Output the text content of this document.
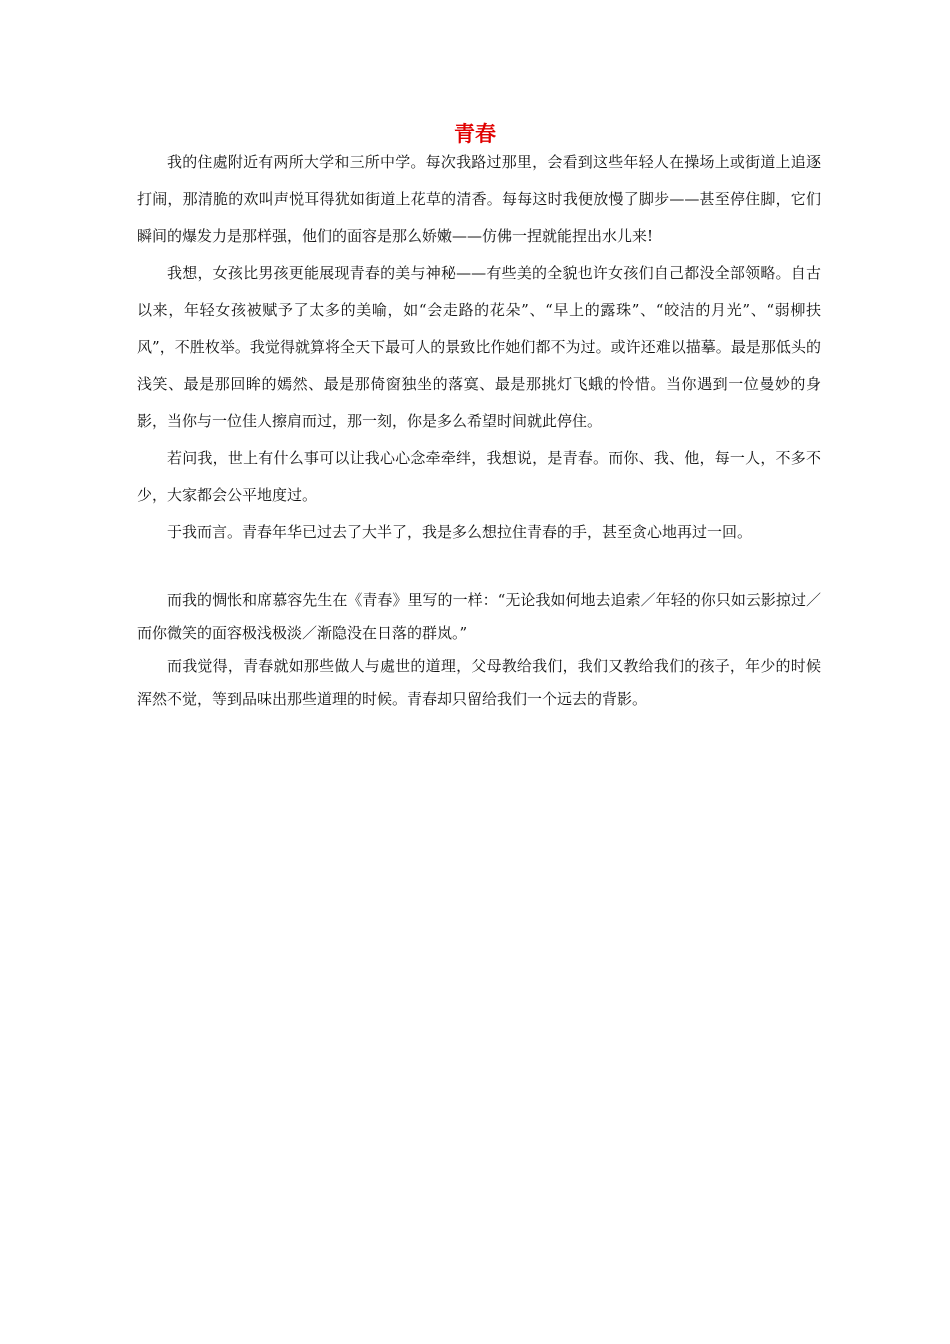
青春

我的住處附近有两所大学和三所中学。每次我路过那里，会看到这些年轻人在操场上或街道上追逐打闹，那清脆的欢叫声悦耳得犹如街道上花草的清香。每每这时我便放慢了脚步——甚至停住脚，它们瞬间的爆发力是那样强，他们的面容是那么娇嫩——仿佛一捏就能捏出水儿来!

我想，女孩比男孩更能展现青春的美与神秘——有些美的全貌也许女孩们自己都没全部领略。自古以来，年轻女孩被赋予了太多的美喻，如“会走路的花朵”、“早上的露珠”、“皎洁的月光”、“弱柳扶风”，不胜枚举。我觉得就算将全天下最可人的景致比作她们都不为过。或许还难以描摹。最是那低头的浅笑、最是那回眸的嫣然、最是那倚窗独坐的落寞、最是那挑灯飞蛾的怜惜。当你遇到一位曼妙的身影，当你与一位佳人擦肩而过，那一刻，你是多么希望时间就此停住。

若问我，世上有什么事可以让我心心念牵牵绊，我想说，是青春。而你、我、他，每一人，不多不少，大家都会公平地度过。

于我而言。青春年华已过去了大半了，我是多么想拉住青春的手，甚至贪心地再过一回。

而我的惆怅和席慕容先生在《青春》里写的一样：“无论我如何地去追索／年轻的你只如云影掠过／而你微笑的面容极浅极淡／渐隐没在日落的群岚。”

而我觉得，青春就如那些做人与處世的道理，父母教给我们，我们又教给我们的孩子，年少的时候浑然不觉，等到品味出那些道理的时候。青春却只留给我们一个远去的背影。
